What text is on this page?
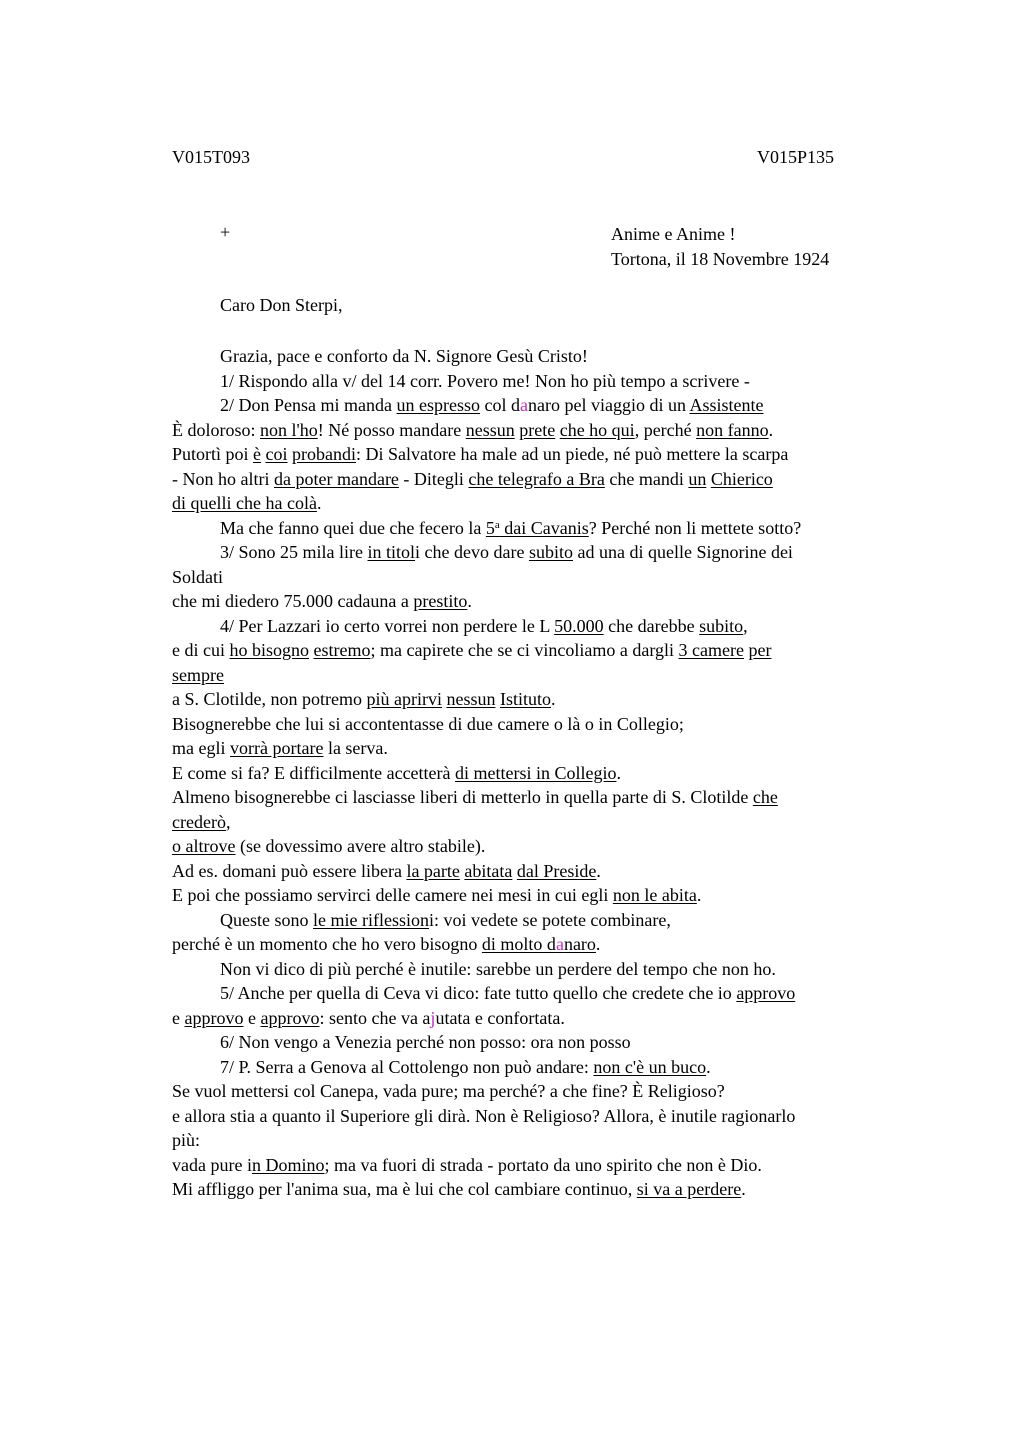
V015T093	V015P135
+	Anime e Anime !
Tortona, il 18 Novembre 1924
Caro Don Sterpi,
Grazia, pace e conforto da N. Signore Gesù Cristo!
1/ Rispondo alla v/ del 14 corr. Povero me! Non ho più tempo a scrivere -
2/ Don Pensa mi manda un espresso col danaro pel viaggio di un Assistente
È doloroso: non l'ho! Né posso mandare nessun prete che ho qui, perché non fanno.
Putortì poi è coi probandi: Di Salvatore ha male ad un piede, né può mettere la scarpa
- Non ho altri da poter mandare - Ditegli che telegrafo a Bra che mandi un Chierico
di quelli che ha colà.
Ma che fanno quei due che fecero la 5$^a$ dai Cavanis? Perché non li mettete sotto?
3/ Sono 25 mila lire in titoli che devo dare subito ad una di quelle Signorine dei
Soldati
che mi diedero 75.000 cadauna a prestito.
4/ Per Lazzari io certo vorrei non perdere le L 50.000 che darebbe subito,
e di cui ho bisogno estremo; ma capirete che se ci vincoliamo a dargli 3 camere per
sempre
a S. Clotilde, non potremo più aprirvi nessun Istituto.
Bisognerebbe che lui si accontentasse di due camere o là o in Collegio;
ma egli vorrà portare la serva.
E come si fa? E difficilmente accetterà di mettersi in Collegio.
Almeno bisognerebbe ci lasciasse liberi di metterlo in quella parte di S. Clotilde che
crederò,
o altrove (se dovessimo avere altro stabile).
Ad es. domani può essere libera la parte abitata dal Preside.
E poi che possiamo servirci delle camere nei mesi in cui egli non le abita.
Queste sono le mie riflessioni: voi vedete se potete combinare,
perché è un momento che ho vero bisogno di molto danaro.
Non vi dico di più perché è inutile: sarebbe un perdere del tempo che non ho.
5/ Anche per quella di Ceva vi dico: fate tutto quello che credete che io approvo
e approvo e approvo: sento che va ajutata e confortata.
6/ Non vengo a Venezia perché non posso: ora non posso
7/ P. Serra a Genova al Cottolengo non può andare: non c'è un buco.
Se vuol mettersi col Canepa, vada pure; ma perché? a che fine? È Religioso?
e allora stia a quanto il Superiore gli dirà. Non è Religioso? Allora, è inutile ragionarlo
più:
vada pure in Domino; ma va fuori di strada - portato da uno spirito che non è Dio.
Mi affliggo per l'anima sua, ma è lui che col cambiare continuo, si va a perdere.
